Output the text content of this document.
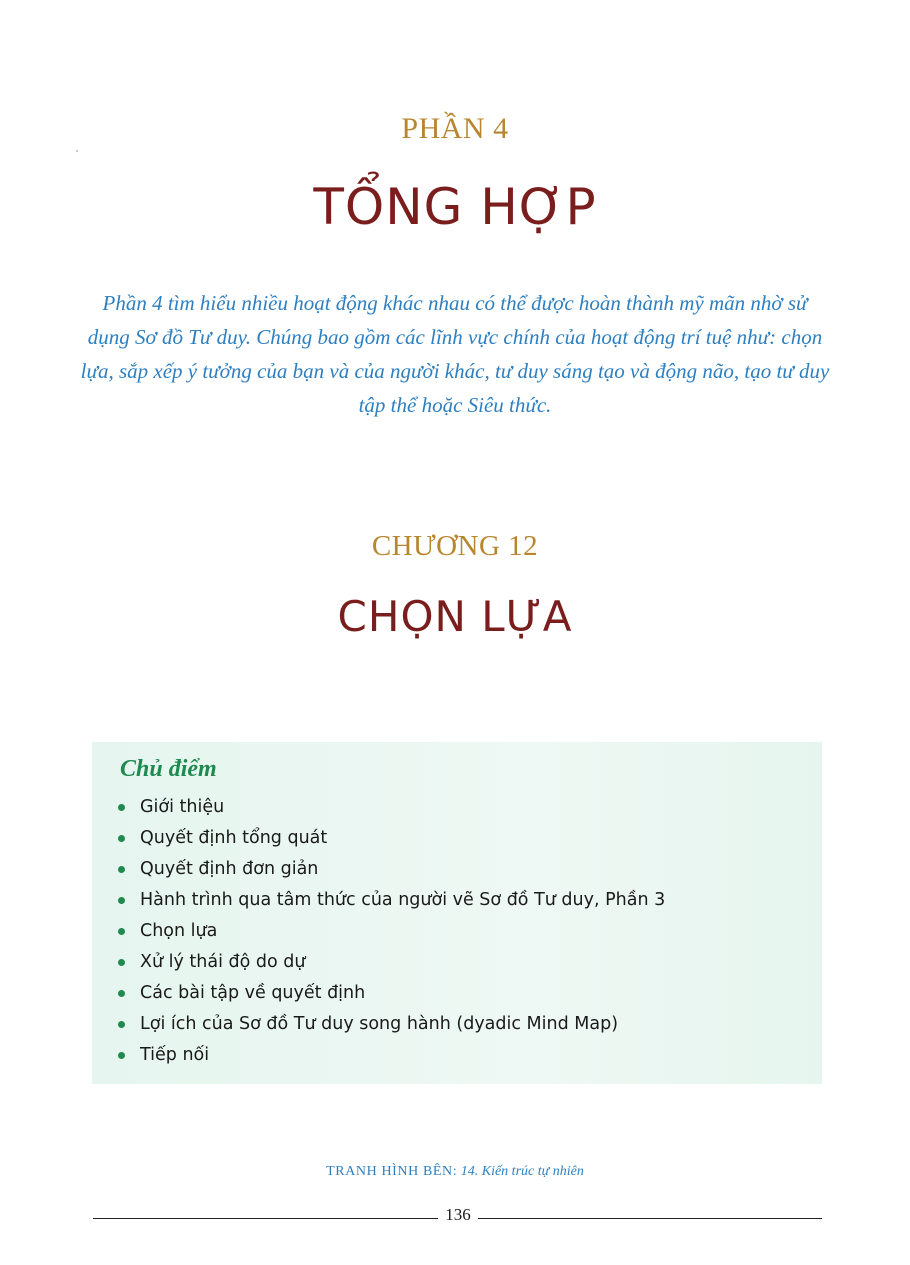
PHẦN 4
TỔNG HỢP
Phần 4 tìm hiểu nhiều hoạt động khác nhau có thể được hoàn thành mỹ mãn nhờ sử dụng Sơ đồ Tư duy. Chúng bao gồm các lĩnh vực chính của hoạt động trí tuệ như: chọn lựa, sắp xếp ý tưởng của bạn và của người khác, tư duy sáng tạo và động não, tạo tư duy tập thể hoặc Siêu thức.
CHƯƠNG 12
CHỌN LỰA
Chủ điểm
Giới thiệu
Quyết định tổng quát
Quyết định đơn giản
Hành trình qua tâm thức của người vẽ Sơ đồ Tư duy, Phần 3
Chọn lựa
Xử lý thái độ do dự
Các bài tập về quyết định
Lợi ích của Sơ đồ Tư duy song hành (dyadic Mind Map)
Tiếp nối
TRANH HÌNH BÊN: 14. Kiến trúc tự nhiên
136
